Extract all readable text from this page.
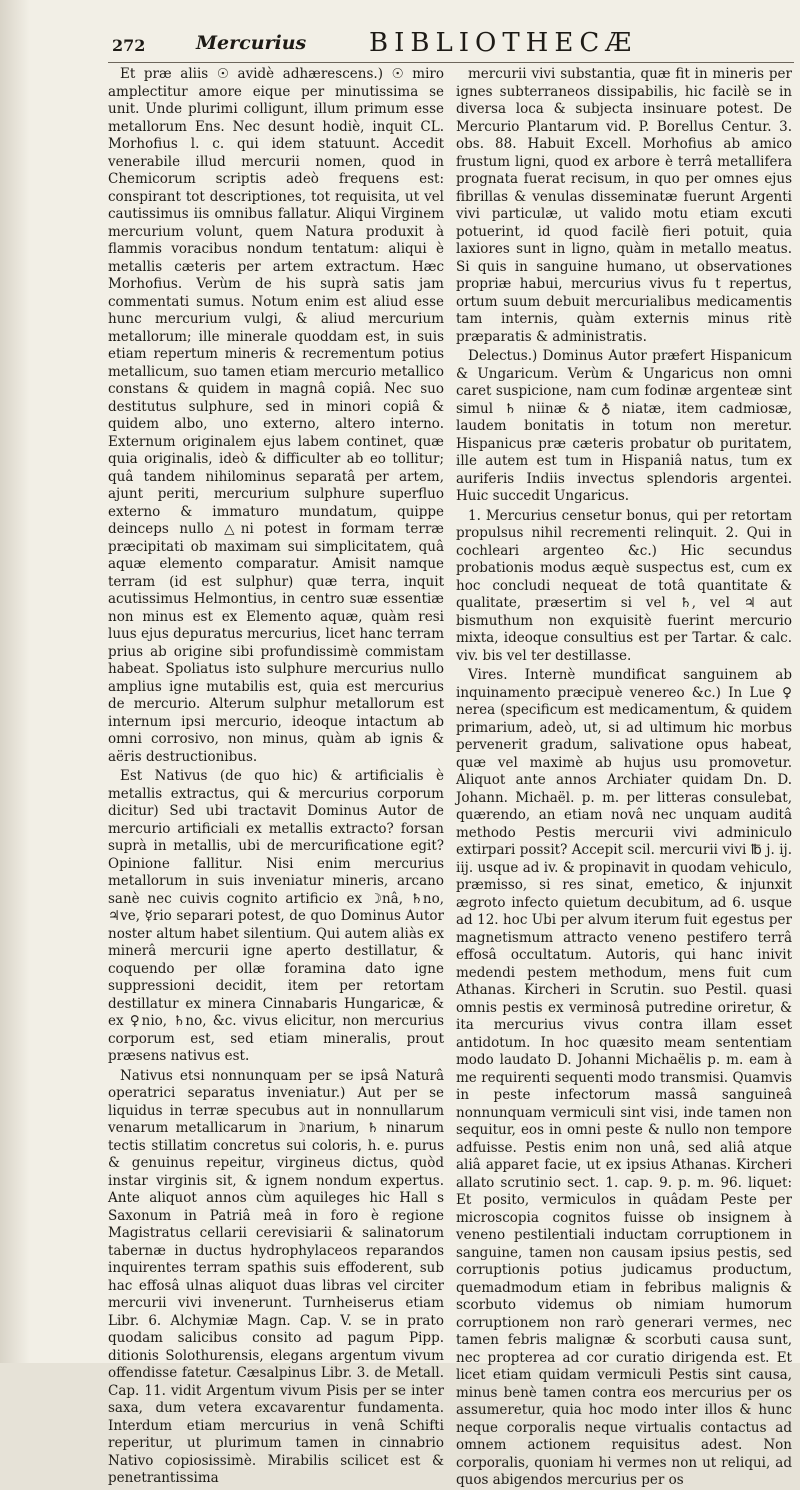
272	Mercurius BIBLIOTHECÆ

Et præ aliis ☉ avidè adhærescens.) ☉ miro amplectitur amore eique per minutissima se unit. Unde plurimi colligunt, illum primum esse metallorum Ens. Nec desunt hodiè, inquit CL. Morhofius l. c. qui idem statuunt. Accedit venerabile illud mercurii nomen, quod in Chemicorum scriptis adeò frequens est: conspirant tot descriptiones, tot requisita, ut vel cautissimus iis omnibus fallatur. Aliqui Virginem mercurium volunt, quem Natura produxit à flammis voracibus nondum tentatum: aliqui è metallis cæteris per artem extractum. Hæc Morhofius. Verùm de his suprà satis jam commentati sumus. Notum enim est aliud esse hunc mercurium vulgi, & aliud mercurium metallorum; ille minerale quoddam est, in suis etiam repertum mineris & recrementum potius metallicum, suo tamen etiam mercurio metallico constans & quidem in magnâ copiâ. Nec suo destitutus sulphure, sed in minori copiâ & quidem albo, uno externo, altero interno. Externum originalem ejus labem continet, quæ quia originalis, ideò & difficulter ab eo tollitur; quâ tandem nihilominus separatâ per artem, ajunt periti, mercurium sulphure superfluo externo & immaturo mundatum, quippe deinceps nullo △ni potest in formam terræ præcipitati ob maximam sui simplicitatem, quâ aquæ elemento comparatur. Amisit namque terram (id est sulphur) quæ terra, inquit acutissimus Helmontius, in centro suæ essentiæ non minus est ex Elemento aquæ, quàm resi luus ejus depuratus mercurius, licet hanc terram prius ab origine sibi profundissimè commistam habeat. Spoliatus isto sulphure mercurius nullo amplius igne mutabilis est, quia est mercurius de mercurio. Alterum sulphur metallorum est internum ipsi mercurio, ideoque intactum ab omni corrosivo, non minus, quàm ab ignis & aëris destructionibus.

Est Nativus (de quo hic) & artificialis è metallis extractus, qui & mercurius corporum dicitur) Sed ubi tractavit Dominus Autor de mercurio artificiali ex metallis extracto? forsan suprà in metallis, ubi de mercurificatione egit? Opinione fallitur. Nisi enim mercurius metallorum in suis inveniatur mineris, arcano sanè nec cuivis cognito artificio ex ☽nâ, ♄no, ♃ve, ☿rio separari potest, de quo Dominus Autor noster altum habet silentium. Qui autem aliàs ex minerâ mercurii igne aperto destillatur, & coquendo per ollæ foramina dato igne suppressioni decidit, item per retortam destillatur ex minera Cinnabaris Hungaricæ, & ex ♀nio, ♄no, &c. vivus elicitur, non mercurius corporum est, sed etiam mineralis, prout præsens nativus est.

Nativus etsi nonnunquam per se ipsâ Naturâ operatrici separatus inveniatur.) Aut per se liquidus in terræ specubus aut in nonnullarum venarum metallicarum in ☽narium, ♄ ninarum tectis stillatim concretus sui coloris, h. e. purus & genuinus repeitur, virgineus dictus, quòd instar virginis sit, & ignem nondum expertus. Ante aliquot annos cùm aquileges hic Hall s Saxonum in Patriâ meâ in foro è regione Magistratus cellarii cerevisiarii & salinatorum tabernæ in ductus hydrophylaceos reparandos inquirentes terram spathis suis effoderent, sub hac effosâ ulnas aliquot duas libras vel circiter mercurii vivi invenerunt. Turnheiserus etiam Libr. 6. Alchymiæ Magn. Cap. V. se in prato quodam salicibus consito ad pagum Pipp. ditionis Solothurensis, elegans argentum vivum offendisse fatetur. Cæsalpinus Libr. 3. de Metall. Cap. 11. vidit Argentum vivum Pisis per se inter saxa, dum vetera excavarentur fundamenta. Interdum etiam mercurius in venâ Schifti reperitur, ut plurimum tamen in cinnabrio Nativo copiosissimè. Mirabilis scilicet est & penetrantissima

mercurii vivi substantia, quæ fit in mineris per ignes subterraneos dissipabilis, hic facilè se in diversa loca & subjecta insinuare potest. De Mercurio Plantarum vid. P. Borellus Centur. 3. obs. 88. Habuit Excell. Morhofius ab amico frustum ligni, quod ex arbore è terrâ metallifera prognata fuerat recisum, in quo per omnes ejus fibrillas & venulas disseminatæ fuerunt Argenti vivi particulæ, ut valido motu etiam excuti potuerint, id quod facilè fieri potuit, quia laxiores sunt in ligno, quàm in metallo meatus. Si quis in sanguine humano, ut observationes propriæ habui, mercurius vivus fu t repertus, ortum suum debuit mercurialibus medicamentis tam internis, quàm externis minus ritè præparatis & administratis.

Delectus.) Dominus Autor præfert Hispanicum & Ungaricum. Verùm & Ungaricus non omni caret suspicione, nam cum fodinæ argenteæ sint simul ♄ niinæ & ♁ niatæ, item cadmiosæ, laudem bonitatis in totum non meretur. Hispanicus præ cæteris probatur ob puritatem, ille autem est tum in Hispaniâ natus, tum ex auriferis Indiis invectus splendoris argentei. Huic succedit Ungaricus.

1. Mercurius censetur bonus, qui per retortam propulsus nihil recrementi relinquit. 2. Qui in cochleari argenteo &c.) Hic secundus probationis modus æquè suspectus est, cum ex hoc concludi nequeat de totâ quantitate & qualitate, præsertim si vel ♄, vel ♃ aut bismuthum non exquisitè fuerint mercurio mixta, ideoque consultius est per Tartar. & calc. viv. bis vel ter destillasse.

Vires. Internè mundificat sanguinem ab inquinamento præcipuè venereo &c.) In Lue ♀ nerea (specificum est medicamentum, & quidem primarium, adeò, ut, si ad ultimum hic morbus pervenerit gradum, salivatione opus habeat, quæ vel maximè ab hujus usu promovetur. Aliquot ante annos Archiater quidam Dn. D. Johann. Michaël. p. m. per litteras consulebat, quærendo, an etiam novâ nec unquam auditâ methodo Pestis mercurii vivi adminiculo extirpari possit? Accepit scil. mercurii vivi ℔ j. ij. iij. usque ad iv. & propinavit in quodam vehiculo, præmisso, si res sinat, emetico, & injunxit ægroto infecto quietum decubitum, ad 6. usque ad 12. hoc Ubi per alvum iterum fuit egestus per magnetismum attracto veneno pestifero terrâ effosâ occultatum. Autoris, qui hanc inivit medendi pestem methodum, mens fuit cum Athanas. Kircheri in Scrutin. suo Pestil. quasi omnis pestis ex verminosâ putredine oriretur, & ita mercurius vivus contra illam esset antidotum. In hoc quæsito meam sententiam modo laudato D. Johanni Michaëlis p. m. eam à me requirenti sequenti modo transmisi. Quamvis in peste infectorum massâ sanguineâ nonnunquam vermiculi sint visi, inde tamen non sequitur, eos in omni peste & nullo non tempore adfuisse. Pestis enim non unâ, sed aliâ atque aliâ apparet facie, ut ex ipsius Athanas. Kircheri allato scrutinio sect. 1. cap. 9. p. m. 96. liquet: Et posito, vermiculos in quâdam Peste per microscopia cognitos fuisse ob insignem à veneno pestilentiali inductam corruptionem in sanguine, tamen non causam ipsius pestis, sed corruptionis potius judicamus productum, quemadmodum etiam in febribus malignis & scorbuto videmus ob nimiam humorum corruptionem non rarò generari vermes, nec tamen febris malignæ & scorbuti causa sunt, nec propterea ad cor curatio dirigenda est. Et licet etiam quidam vermiculi Pestis sint causa, minus benè tamen contra eos mercurius per os assumeretur, quia hoc modo inter illos & hunc neque corporalis neque virtualis contactus ad omnem actionem requisitus adest. Non corporalis, quoniam hi vermes non ut reliqui, ad quos abigendos mercurius per os
